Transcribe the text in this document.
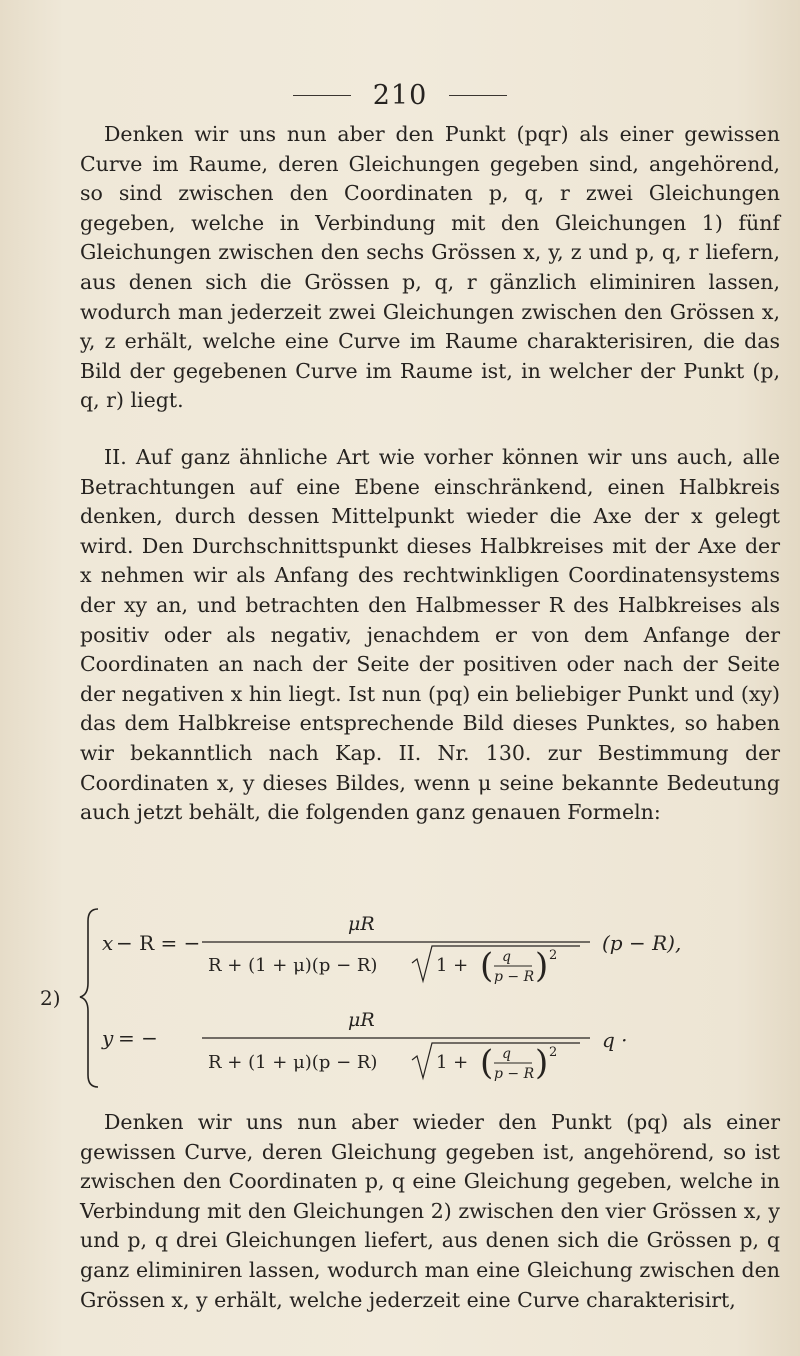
210

Denken wir uns nun aber den Punkt (pqr) als einer gewissen Curve im Raume, deren Gleichungen gegeben sind, angehörend, so sind zwischen den Coordinaten p, q, r zwei Gleichungen gegeben, welche in Verbindung mit den Gleichungen 1) fünf Gleichungen zwischen den sechs Grössen x, y, z und p, q, r liefern, aus denen sich die Grössen p, q, r gänzlich eliminiren lassen, wodurch man jederzeit zwei Gleichungen zwischen den Grössen x, y, z erhält, welche eine Curve im Raume charakterisiren, die das Bild der gegebenen Curve im Raume ist, in welcher der Punkt (p, q, r) liegt.

II. Auf ganz ähnliche Art wie vorher können wir uns auch, alle Betrachtungen auf eine Ebene einschränkend, einen Halbkreis denken, durch dessen Mittelpunkt wieder die Axe der x gelegt wird. Den Durchschnittspunkt dieses Halbkreises mit der Axe der x nehmen wir als Anfang des rechtwinkligen Coordinatensystems der xy an, und betrachten den Halbmesser R des Halbkreises als positiv oder als negativ, jenachdem er von dem Anfange der Coordinaten an nach der Seite der positiven oder nach der Seite der negativen x hin liegt. Ist nun (pq) ein beliebiger Punkt und (xy) das dem Halbkreise entsprechende Bild dieses Punktes, so haben wir bekanntlich nach Kap. II. Nr. 130. zur Bestimmung der Coordinaten x, y dieses Bildes, wenn μ seine bekannte Bedeutung auch jetzt behält, die folgenden ganz genauen Formeln:

2)
x − R = −
μR
R + (1 + μ)(p − R)	1 + ( q
p − R ) 2
(p − R),
y = −
μR
R + (1 + μ)(p − R)	1 + ( q
p − R ) 2
q ·

Denken wir uns nun aber wieder den Punkt (pq) als einer gewissen Curve, deren Gleichung gegeben ist, angehörend, so ist zwischen den Coordinaten p, q eine Gleichung gegeben, welche in Verbindung mit den Gleichungen 2) zwischen den vier Grössen x, y und p, q drei Gleichungen liefert, aus denen sich die Grössen p, q ganz eliminiren lassen, wodurch man eine Gleichung zwischen den Grössen x, y erhält, welche jederzeit eine Curve charakterisirt,
